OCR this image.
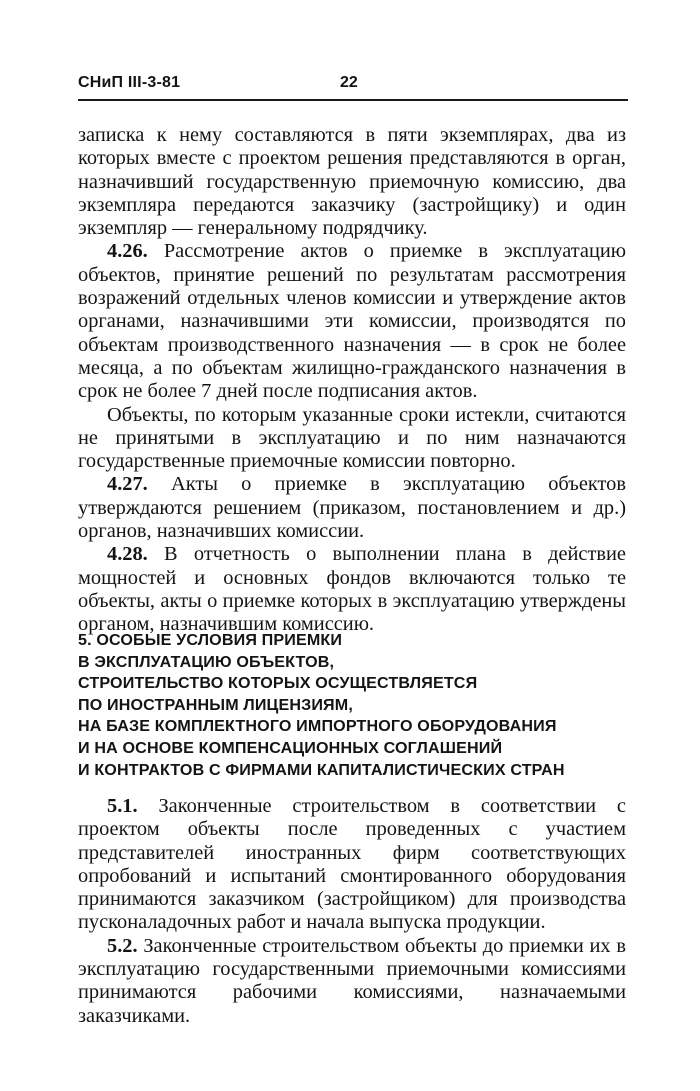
СНиП III-3-81	22

записка к нему составляются в пяти экземплярах, два из которых вместе с проектом решения представляются в орган, назначивший государственную приемочную комиссию, два экземпляра передаются заказчику (застройщику) и один экземпляр — генеральному подрядчику.

4.26. Рассмотрение актов о приемке в эксплуатацию объектов, принятие решений по результатам рассмотрения возражений отдельных членов комиссии и утверждение актов органами, назначившими эти комиссии, производятся по объектам производственного назначения — в срок не более месяца, а по объектам жилищно-гражданского назначения в срок не более 7 дней после подписания актов.

Объекты, по которым указанные сроки истекли, считаются не принятыми в эксплуатацию и по ним назначаются государственные приемочные комиссии повторно.

4.27. Акты о приемке в эксплуатацию объектов утверждаются решением (приказом, постановлением и др.) органов, назначивших комиссии.

4.28. В отчетность о выполнении плана в действие мощностей и основных фондов включаются только те объекты, акты о приемке которых в эксплуатацию утверждены органом, назначившим комиссию.

5. ОСОБЫЕ УСЛОВИЯ ПРИЕМКИ
В ЭКСПЛУАТАЦИЮ ОБЪЕКТОВ,
СТРОИТЕЛЬСТВО КОТОРЫХ ОСУЩЕСТВЛЯЕТСЯ
ПО ИНОСТРАННЫМ ЛИЦЕНЗИЯМ,
НА БАЗЕ КОМПЛЕКТНОГО ИМПОРТНОГО ОБОРУДОВАНИЯ
И НА ОСНОВЕ КОМПЕНСАЦИОННЫХ СОГЛАШЕНИЙ
И КОНТРАКТОВ С ФИРМАМИ КАПИТАЛИСТИЧЕСКИХ СТРАН

5.1. Законченные строительством в соответствии с проектом объекты после проведенных с участием представителей иностранных фирм соответствующих опробований и испытаний смонтированного оборудования принимаются заказчиком (застройщиком) для производства пусконаладочных работ и начала выпуска продукции.

5.2. Законченные строительством объекты до приемки их в эксплуатацию государственными приемочными комиссиями принимаются рабочими комиссиями, назначаемыми заказчиками.
